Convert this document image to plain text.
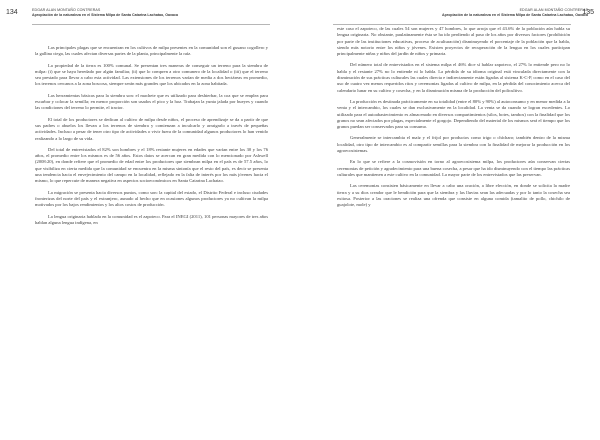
134	EDGAR ALAN MONTAÑO CONTRERAS
Apropiación de la naturaleza en el Sistema Milpa de Santa Catarina Lachatao, Oaxaca

Las principales plagas que se encuentran en los cultivos de milpa presentes en la comunidad son el gusano cogollero y la gallina ciega, las cuales afectan diversas partes de la planta, principalmente la raíz.

La propiedad de la tierra es 100% comunal. Se presentan tres maneras de conseguir un terreno para la siembra de milpa: (i) que se haya heredado por algún familiar, (ii) que lo compren a otro comunero de la localidad o (iii) que el terreno sea prestado para llevar a cabo esta actividad. Las extensiones de los terrenos varían de media a dos hectáreas en promedio, los terrenos cercanos a la zona boscosa, siempre serán más grandes que los ubicados en la zona habitada.

Las herramientas básicas para la siembra son: el machete que es utilizado para deshierbar, la coa que se emplea para escarbar y colocar la semilla; en menor proporción son usados el pico y la hoz. Trabajan la yunta jalada por bueyes y cuando las condiciones del terreno lo permite, el tractor.

El total de los productores se dedican al cultivo de milpa desde niños, el proceso de aprendizaje se da a partir de que sus padres o abuelos los llevan a los terrenos de siembra y comienzan a inculcarlo y arraigarlo a través de pequeñas actividades. Incluso a pesar de tener otro tipo de actividades o vivir fuera de la comunidad algunos productores lo han venido realizando a lo largo de su vida.

Del total de entrevistados el 82% son hombres y el 18% restante mujeres en edades que varían entre los 30 y los 76 años, el promedio entre los mismos es de 56 años. Estos datos se acercan en gran medida con lo mencionado por Ashwell (2008:20), en donde refiere que el promedio de edad entre los productores que siembran milpa en el país es de 57.5 años, lo que visibiliza en cierta medida que la comunidad se encuentra en la misma sintonía que el resto del país, es decir se presenta una tendencia hacia el envejecimiento del campo en la localidad, reflejado en la falta de interés por los más jóvenes hacia el mismo, lo que repercute de manera negativa en aspectos socioeconómicos en Santa Catarina Lachatao.

La migración se presenta hacia diversos puntos, como son: la capital del estado, el Distrito Federal e incluso ciudades fronterizas del norte del país y el extranjero, aunado al hecho que en ocasiones algunos productores ya no cultivan la milpa motivados por los bajos rendimientos y los altos costos de producción.

La lengua originaria hablada en la comunidad es el zapoteco. Para el INEGI (2011), 101 personas mayores de tres años hablan alguna lengua indígena, en

135
EDGAR ALAN MONTAÑO CONTRERAS
Apropiación de la naturaleza en el Sistema Milpa de Santa Catarina Lachatao, Oaxaca

este caso el zapoteco, de las cuales 54 son mujeres y 47 hombres, lo que arroja que el 43.6% de la población aún habla su lengua originaria. No obstante, paulatinamente ésta se ha ido perdiendo al paso de los años por diversos factores (prohibición por parte de las instituciones educativas, proceso de aculturación) disminuyendo el porcentaje de la población que la habla, siendo más notorio entre los niños y jóvenes. Existen proyectos de recuperación de la lengua en los cuales participan principalmente niñas y niños del jardín de niños y primaria.

Del número total de entrevistados en el sistema milpa el 46% dice sí hablar zapoteco, el 27% lo entiende pero no lo habla y el restante 27% no lo entiende ni lo habla. La pérdida de su idioma original está vinculada directamente con la disminución de sus prácticas culturales las cuales directa e indirectamente están ligadas al sistema K-C-P, como en el caso del uso de cuatro vez menos requeridos ritos y ceremonias ligadas al cultivo de milpa, en la pérdida del conocimiento acerca del calendario lunar en su cultivo y cosecha, y en la disminución misma de la producción del policultivo.

La producción es destinada prácticamente en su totalidad (entre el 80% y 90%) al autoconsumo y en menor medida a la venta y el intercambio, los cuales se dan exclusivamente en la localidad. La venta se da cuando se logran excedentes. Lo utilizado para el autoabastecimiento es almacenado en diversos compartimientos (silos, botes, tambos) con la finalidad que los granos no sean afectados por plagas, especialmente el gorgojo. Dependiendo del material de los mismos será el tiempo que los granos puedan ser conservados para su consumo.

Generalmente se intercambia el maíz y el frijol por productos como trigo o chícharo; también dentro de la misma localidad, otro tipo de intercambio es al compartir semillas para la siembra con la finalidad de mejorar la producción en los agroecosistemas.

En lo que se refiere a la cosmovisión en torno al agroecosistema milpa, los productores aún conservan ciertas ceremonias de petición y agradecimiento para una buena cosecha, a pesar que ha ido disminuyendo con el tiempo las prácticas culturales que mantienen a este cultivo en la comunidad. La mayor parte de los entrevistados que las preservan.

Las ceremonias consisten básicamente en llevar a cabo una oración, a libre elección, en donde se solicita la madre tierra y a su dios creador que le bendición para que la siembra y las lluvias sean las adecuadas y por lo tanto la cosecha sea exitosa. Posterior a las oraciones se realiza una ofrenda que consiste en alguna comida (tamalito de pollo, chichilo de guajolote, mole) y
